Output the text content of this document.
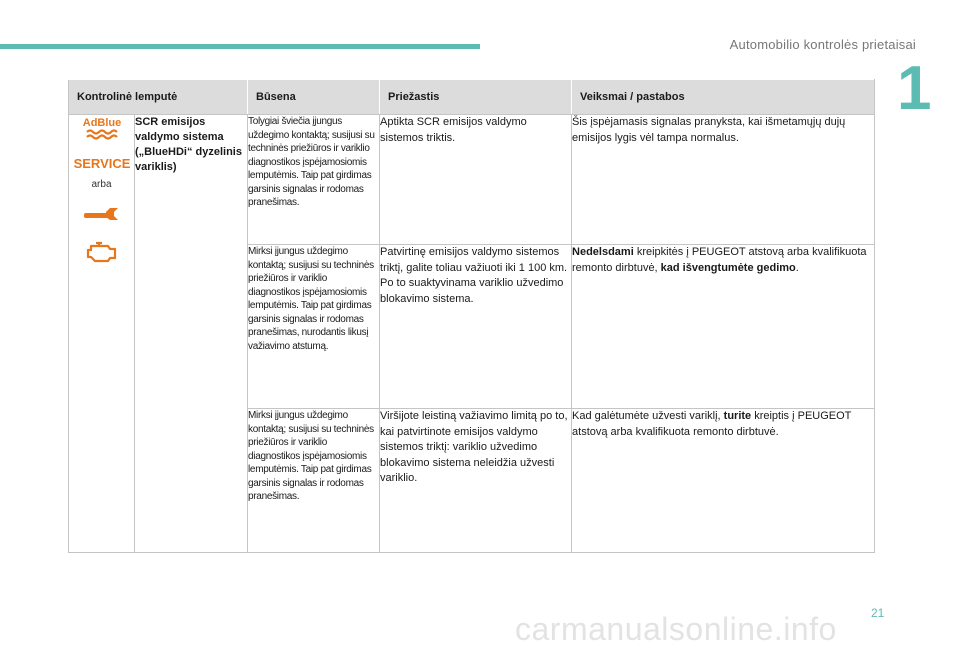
Automobilio kontrolės prietaisai
1
Kontrolinė lemputė		Būsena	Priežastis	Veiksmai / pastabos

AdBlue
SERVICE
arba	SCR emisijos valdymo sistema („BlueHDi“ dyzelinis variklis)	Tolygiai šviečia įjungus uždegimo kontaktą; susijusi su techninės priežiūros ir variklio diagnostikos įspėjamosiomis lemputėmis. Taip pat girdimas garsinis signalas ir rodomas pranešimas.	Aptikta SCR emisijos valdymo sistemos triktis.	Šis įspėjamasis signalas pranyksta, kai išmetamųjų dujų emisijos lygis vėl tampa normalus.
		Mirksi įjungus uždegimo kontaktą; susijusi su techninės priežiūros ir variklio diagnostikos įspėjamosiomis lemputėmis. Taip pat girdimas garsinis signalas ir rodomas pranešimas, nurodantis likusį važiavimo atstumą.	Patvirtinę emisijos valdymo sistemos triktį, galite toliau važiuoti iki 1 100 km. Po to suaktyvinama variklio užvedimo blokavimo sistema.	Nedelsdami kreipkitės į PEUGEOT atstovą arba kvalifikuota remonto dirbtuvė, kad išvengtumėte gedimo.
		Mirksi įjungus uždegimo kontaktą; susijusi su techninės priežiūros ir variklio diagnostikos įspėjamosiomis lemputėmis. Taip pat girdimas garsinis signalas ir rodomas pranešimas.	Viršijote leistiną važiavimo limitą po to, kai patvirtinote emisijos valdymo sistemos triktį: variklio užvedimo blokavimo sistema neleidžia užvesti variklio.	Kad galėtumėte užvesti variklį, turite kreiptis į PEUGEOT atstovą arba kvalifikuota remonto dirbtuvė.
21
carmanualsonline.info
